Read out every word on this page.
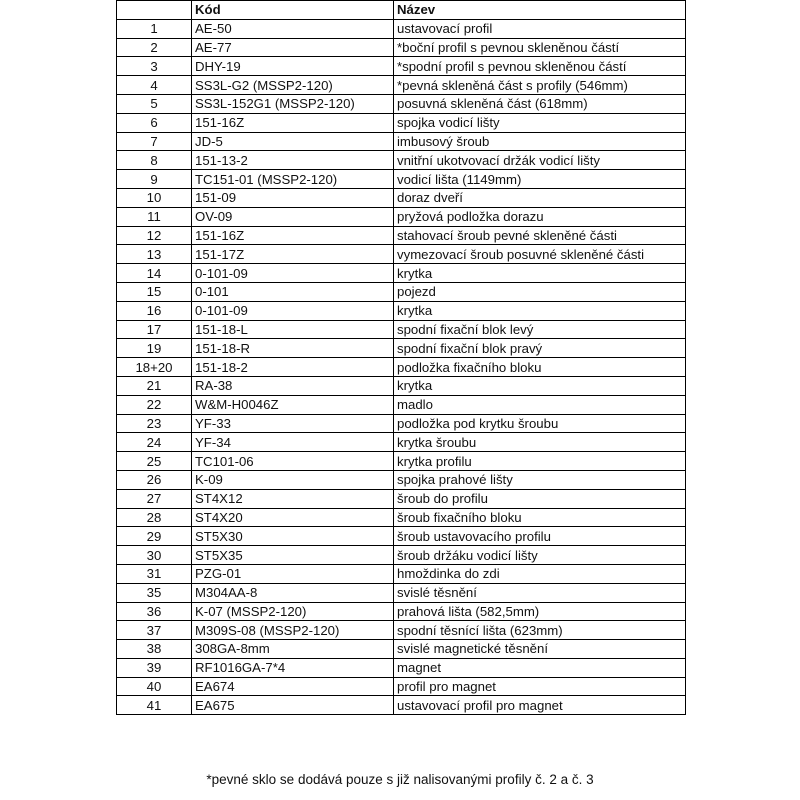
	Kód	Název
1	AE-50	ustavovací profil
2	AE-77	*boční profil s pevnou skleněnou částí
3	DHY-19	*spodní profil s pevnou skleněnou částí
4	SS3L-G2 (MSSP2-120)	*pevná skleněná část s profily (546mm)
5	SS3L-152G1 (MSSP2-120)	posuvná skleněná část (618mm)
6	151-16Z	spojka vodicí lišty
7	JD-5	imbusový šroub
8	151-13-2	vnitřní ukotvovací držák vodicí lišty
9	TC151-01 (MSSP2-120)	vodicí lišta (1149mm)
10	151-09	doraz dveří
11	OV-09	pryžová podložka dorazu
12	151-16Z	stahovací šroub pevné skleněné části
13	151-17Z	vymezovací šroub posuvné skleněné části
14	0-101-09	krytka
15	0-101	pojezd
16	0-101-09	krytka
17	151-18-L	spodní fixační blok levý
19	151-18-R	spodní fixační blok pravý
18+20	151-18-2	podložka fixačního bloku
21	RA-38	krytka
22	W&M-H0046Z	madlo
23	YF-33	podložka pod krytku šroubu
24	YF-34	krytka šroubu
25	TC101-06	krytka profilu
26	K-09	spojka prahové lišty
27	ST4X12	šroub do profilu
28	ST4X20	šroub fixačního bloku
29	ST5X30	šroub ustavovacího profilu
30	ST5X35	šroub držáku vodicí lišty
31	PZG-01	hmoždinka do zdi
35	M304AA-8	svislé těsnění
36	K-07 (MSSP2-120)	prahová lišta (582,5mm)
37	M309S-08 (MSSP2-120)	spodní těsnící lišta (623mm)
38	308GA-8mm	svislé magnetické těsnění
39	RF1016GA-7*4	magnet
40	EA674	profil pro magnet
41	EA675	ustavovací profil pro magnet
*pevné sklo se dodává pouze s již nalisovanými profily č. 2 a č. 3
